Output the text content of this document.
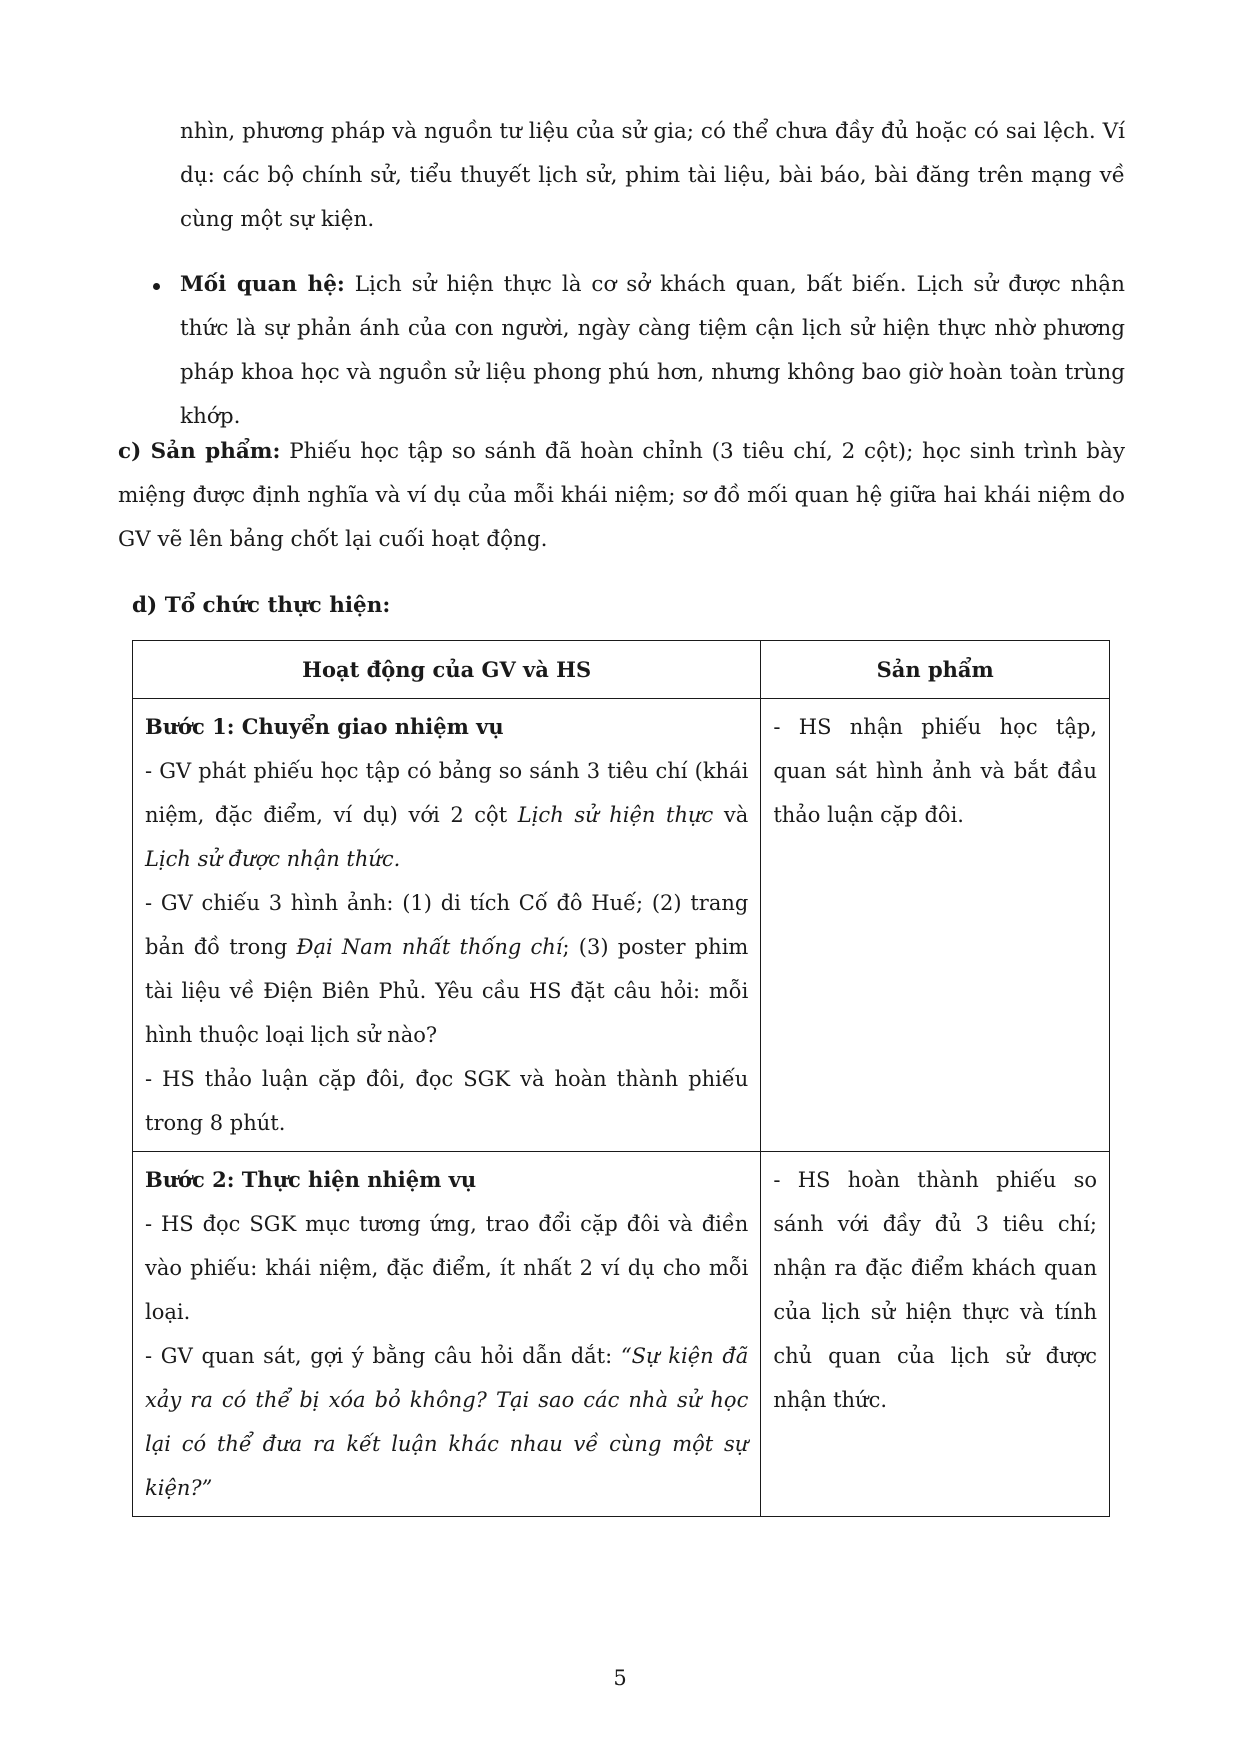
nhìn, phương pháp và nguồn tư liệu của sử gia; có thể chưa đầy đủ hoặc có sai lệch. Ví dụ: các bộ chính sử, tiểu thuyết lịch sử, phim tài liệu, bài báo, bài đăng trên mạng về cùng một sự kiện.

Mối quan hệ: Lịch sử hiện thực là cơ sở khách quan, bất biến. Lịch sử được nhận thức là sự phản ánh của con người, ngày càng tiệm cận lịch sử hiện thực nhờ phương pháp khoa học và nguồn sử liệu phong phú hơn, nhưng không bao giờ hoàn toàn trùng khớp.

c) Sản phẩm: Phiếu học tập so sánh đã hoàn chỉnh (3 tiêu chí, 2 cột); học sinh trình bày miệng được định nghĩa và ví dụ của mỗi khái niệm; sơ đồ mối quan hệ giữa hai khái niệm do GV vẽ lên bảng chốt lại cuối hoạt động.

d) Tổ chức thực hiện:

Hoạt động của GV và HS	Sản phẩm

Bước 1: Chuyển giao nhiệm vụ
- GV phát phiếu học tập có bảng so sánh 3 tiêu chí (khái niệm, đặc điểm, ví dụ) với 2 cột Lịch sử hiện thực và Lịch sử được nhận thức.
- GV chiếu 3 hình ảnh: (1) di tích Cố đô Huế; (2) trang bản đồ trong Đại Nam nhất thống chí; (3) poster phim tài liệu về Điện Biên Phủ. Yêu cầu HS đặt câu hỏi: mỗi hình thuộc loại lịch sử nào?
- HS thảo luận cặp đôi, đọc SGK và hoàn thành phiếu trong 8 phút.	- HS nhận phiếu học tập, quan sát hình ảnh và bắt đầu thảo luận cặp đôi.

Bước 2: Thực hiện nhiệm vụ
- HS đọc SGK mục tương ứng, trao đổi cặp đôi và điền vào phiếu: khái niệm, đặc điểm, ít nhất 2 ví dụ cho mỗi loại.
- GV quan sát, gợi ý bằng câu hỏi dẫn dắt: “Sự kiện đã xảy ra có thể bị xóa bỏ không? Tại sao các nhà sử học lại có thể đưa ra kết luận khác nhau về cùng một sự kiện?”	- HS hoàn thành phiếu so sánh với đầy đủ 3 tiêu chí; nhận ra đặc điểm khách quan của lịch sử hiện thực và tính chủ quan của lịch sử được nhận thức.

5
